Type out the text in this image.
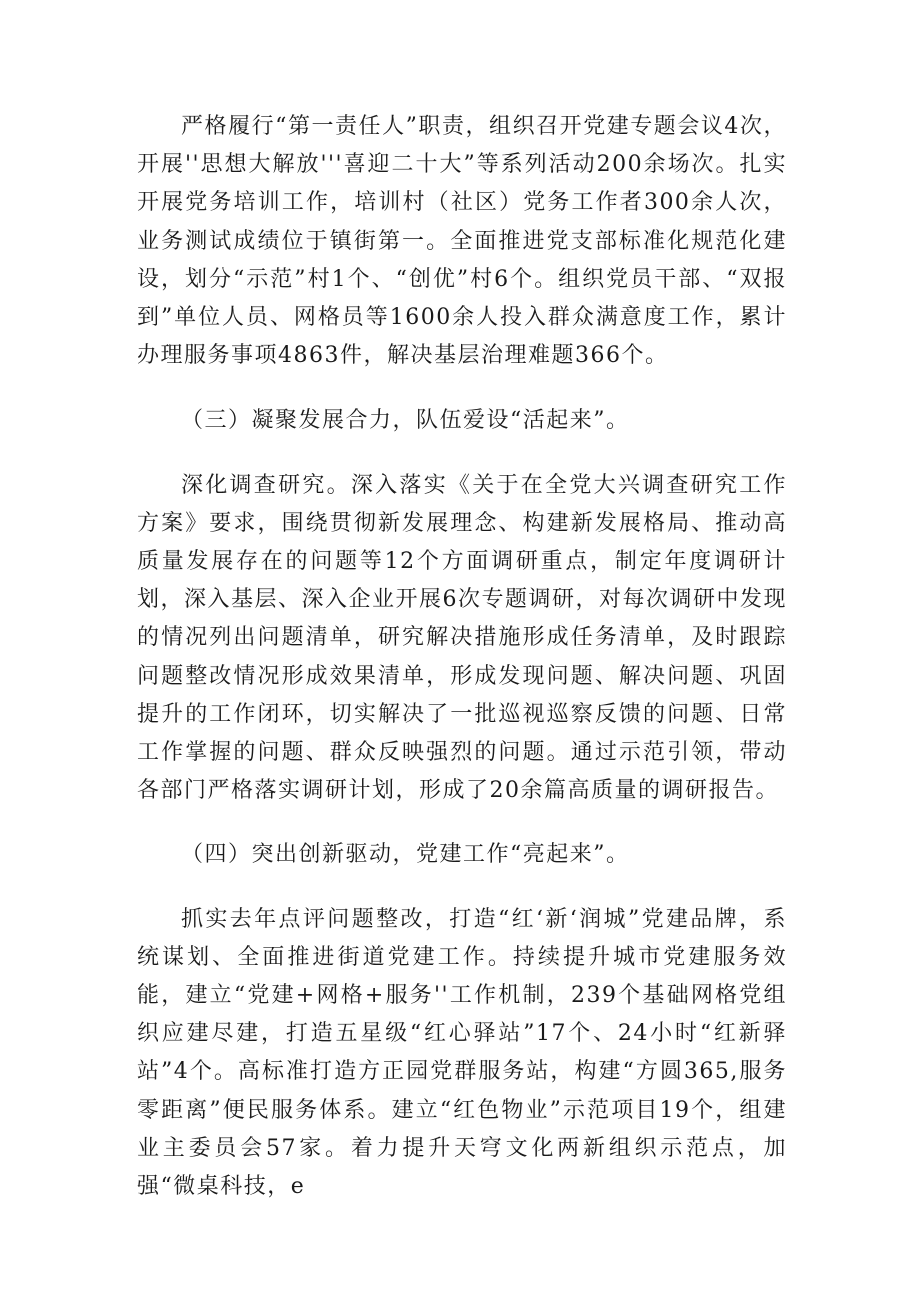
严格履行“第一责任人”职责，组织召开党建专题会议4次，开展''思想大解放'''喜迎二十大”等系列活动200余场次。扎实开展党务培训工作，培训村（社区）党务工作者300余人次，业务测试成绩位于镇街第一。全面推进党支部标准化规范化建设，划分“示范”村1个、“创优”村6个。组织党员干部、“双报到”单位人员、网格员等1600余人投入群众满意度工作，累计办理服务事项4863件，解决基层治理难题366个。

（三）凝聚发展合力，队伍爱设“活起来”。

深化调查研究。深入落实《关于在全党大兴调查研究工作方案》要求，围绕贯彻新发展理念、构建新发展格局、推动高质量发展存在的问题等12个方面调研重点，制定年度调研计划，深入基层、深入企业开展6次专题调研，对每次调研中发现的情况列出问题清单，研究解决措施形成任务清单，及时跟踪问题整改情况形成效果清单，形成发现问题、解决问题、巩固提升的工作闭环，切实解决了一批巡视巡察反馈的问题、日常工作掌握的问题、群众反映强烈的问题。通过示范引领，带动各部门严格落实调研计划，形成了20余篇高质量的调研报告。

（四）突出创新驱动，党建工作“亮起来”。

抓实去年点评问题整改，打造“红‘新‘润城”党建品牌，系统谋划、全面推进街道党建工作。持续提升城市党建服务效能，建立“党建+网格+服务''工作机制，239个基础网格党组织应建尽建，打造五星级“红心驿站”17个、24小时“红新驿站”4个。高标准打造方正园党群服务站，构建“方圆365,服务零距离”便民服务体系。建立“红色物业”示范项目19个，组建业主委员会57家。着力提升天穹文化两新组织示范点，加强“微桌科技，e
